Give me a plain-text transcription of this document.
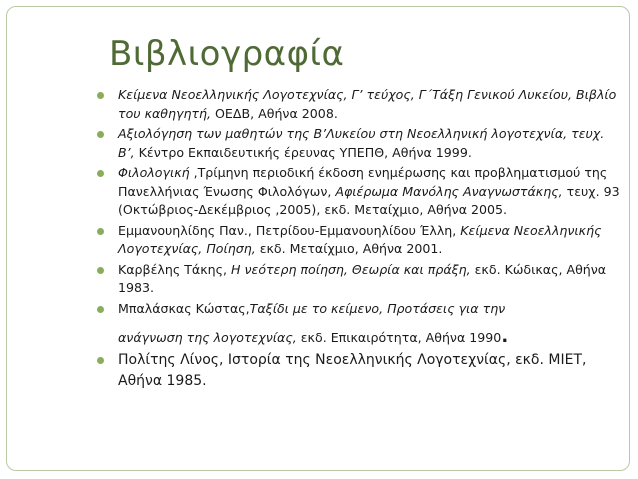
Βιβλιογραφία
Κείμενα Νεοελληνικής Λογοτεχνίας, Γ’ τεύχος, Γ΄Τάξη Γενικού Λυκείου, Βιβλίο του καθηγητή, ΟΕΔΒ, Αθήνα 2008.
Αξιολόγηση των μαθητών της Β’Λυκείου στη Νεοελληνική λογοτεχνία, τευχ. Β’, Κέντρο Εκπαιδευτικής έρευνας ΥΠΕΠΘ, Αθήνα 1999.
Φιλολογική ,Τρίμηνη περιοδική έκδοση ενημέρωσης και προβληματισμού της Πανελλήνιας Ένωσης Φιλολόγων, Αφιέρωμα Μανόλης Αναγνωστάκης, τευχ. 93 (Οκτώβριος-Δεκέμβριος ,2005), εκδ. Μεταίχμιο, Αθήνα 2005.
Εμμανουηλίδης Παν., Πετρίδου-Εμμανουηλίδου Έλλη, Κείμενα Νεοελληνικής Λογοτεχνίας, Ποίηση, εκδ. Μεταίχμιο, Αθήνα 2001.
Καρβέλης Τάκης, Η νεότερη ποίηση, Θεωρία και πράξη, εκδ. Κώδικας, Αθήνα 1983.
Μπαλάσκας Κώστας,Ταξίδι με το κείμενο, Προτάσεις για την
ανάγνωση της λογοτεχνίας, εκδ. Επικαιρότητα, Αθήνα 1990.
Πολίτης Λίνος, Ιστορία της Νεοελληνικής Λογοτεχνίας, εκδ. ΜΙΕΤ, Αθήνα 1985.
